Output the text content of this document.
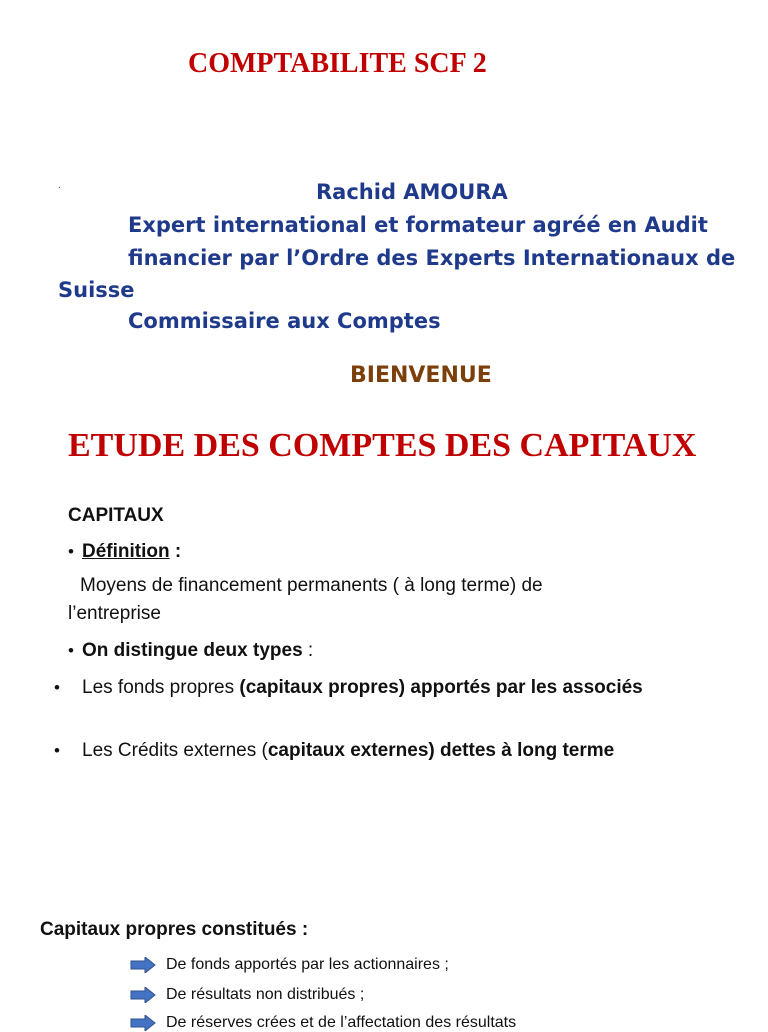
COMPTABILITE SCF 2
.	Rachid AMOURA
Expert international et formateur agréé en Audit
financier par l’Ordre des Experts Internationaux de
Suisse
Commissaire aux Comptes
BIENVENUE
ETUDE DES COMPTES DES CAPITAUX
CAPITAUX
• Définition :
Moyens de financement permanents ( à long terme) de
l’entreprise
• On distingue deux types :
• Les fonds propres (capitaux propres) apportés par les associés
• Les Crédits externes (capitaux externes) dettes à long terme
Capitaux propres constitués :
De fonds apportés par les actionnaires ;
De résultats non distribués ;
De réserves crées et de l’affectation des résultats
